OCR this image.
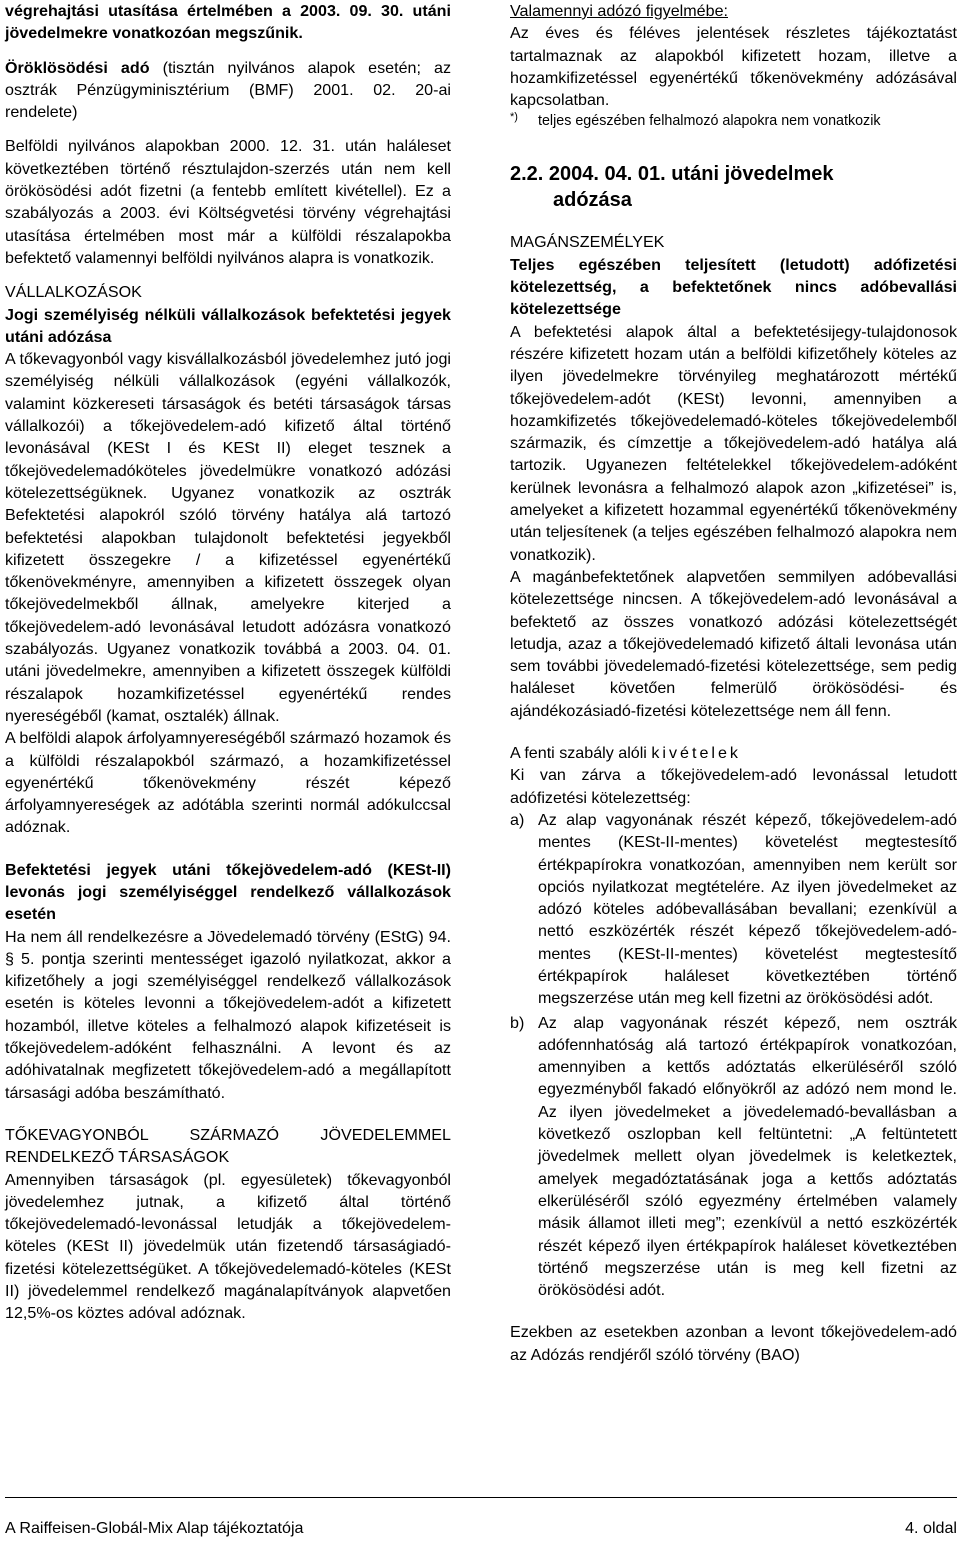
végrehajtási utasítása értelmében a 2003. 09. 30. utáni jövedelmekre vonatkozóan megszűnik.

Öröklösödési adó (tisztán nyilvános alapok esetén; az osztrák Pénzügyminisztérium (BMF) 2001. 02. 20-ai rendelete)

Belföldi nyilvános alapokban 2000. 12. 31. után haláleset következtében történő résztulajdon-szerzés után nem kell örökösödési adót fizetni (a fentebb említett kivétellel). Ez a szabályozás a 2003. évi Költségvetési törvény végrehajtási utasítása értelmében most már a külföldi részalapokba befektető valamennyi belföldi nyilvános alapra is vonatkozik.

VÁLLALKOZÁSOK

Jogi személyiség nélküli vállalkozások befektetési jegyek utáni adózása

A tőkevagyonból vagy kisvállalkozásból jövedelemhez jutó jogi személyiség nélküli vállalkozások (egyéni vállalkozók, valamint közkereseti társaságok és betéti társaságok társas vállalkozói) a tőkejövedelem-adó kifizető által történő levonásával (KESt I és KESt II) eleget tesznek a tőkejövedelemadóköteles jövedelmükre vonatkozó adózási kötelezettségüknek. Ugyanez vonatkozik az osztrák Befektetési alapokról szóló törvény hatálya alá tartozó befektetési alapokban tulajdonolt befektetési jegyekből kifizetett összegekre / a kifizetéssel egyenértékű tőkenövekményre, amennyiben a kifizetett összegek olyan tőkejövedelmekből állnak, amelyekre kiterjed a tőkejövedelem-adó levonásával letudott adózásra vonatkozó szabályozás. Ugyanez vonatkozik továbbá a 2003. 04. 01. utáni jövedelmekre, amennyiben a kifizetett összegek külföldi részalapok hozamkifizetéssel egyenértékű rendes nyereségéből (kamat, osztalék) állnak.

A belföldi alapok árfolyamnyereségéből származó hozamok és a külföldi részalapokból származó, a hozamkifizetéssel egyenértékű tőkenövekmény részét képező árfolyamnyereségek az adótábla szerinti normál adókulccsal adóznak.

Befektetési jegyek utáni tőkejövedelem-adó (KESt-II) levonás jogi személyiséggel rendelkező vállalkozások esetén

Ha nem áll rendelkezésre a Jövedelemadó törvény (EStG) 94. § 5. pontja szerinti mentességet igazoló nyilatkozat, akkor a kifizetőhely a jogi személyiséggel rendelkező vállalkozások esetén is köteles levonni a tőkejövedelem-adót a kifizetett hozamból, illetve köteles a felhalmozó alapok kifizetéseit is tőkejövedelem-adóként felhasználni. A levont és az adóhivatalnak megfizetett tőkejövedelem-adó a megállapított társasági adóba beszámítható.

TŐKEVAGYONBÓL SZÁRMAZÓ JÖVEDELEMMEL RENDELKEZŐ TÁRSASÁGOK

Amennyiben társaságok (pl. egyesületek) tőkevagyonból jövedelemhez jutnak, a kifizető által történő tőkejövedelemadó-levonással letudják a tőkejövedelem-köteles (KESt II) jövedelmük után fizetendő társaságiadó-fizetési kötelezettségüket. A tőkejövedelemadó-köteles (KESt II) jövedelemmel rendelkező magánalapítványok alapvetően 12,5%-os köztes adóval adóznak.

Valamennyi adózó figyelmébe:

Az éves és féléves jelentések részletes tájékoztatást tartalmaznak az alapokból kifizetett hozam, illetve a hozamkifizetéssel egyenértékű tőkenövekmény adózásával kapcsolatban.

*) teljes egészében felhalmozó alapokra nem vonatkozik
2.2. 2004. 04. 01. utáni jövedelmek
adózása

MAGÁNSZEMÉLYEK

Teljes egészében teljesített (letudott) adófizetési kötelezettség, a befektetőnek nincs adóbevallási kötelezettsége

A befektetési alapok által a befektetésijegy-tulajdonosok részére kifizetett hozam után a belföldi kifizetőhely köteles az ilyen jövedelmekre törvényileg meghatározott mértékű tőkejövedelem-adót (KESt) levonni, amennyiben a hozamkifizetés tőkejövedelemadó-köteles tőkejövedelemből származik, és címzettje a tőkejövedelem-adó hatálya alá tartozik. Ugyanezen feltételekkel tőkejövedelem-adóként kerülnek levonásra a felhalmozó alapok azon „kifizetései” is, amelyeket a kifizetett hozammal egyenértékű tőkenövekmény után teljesítenek (a teljes egészében felhalmozó alapokra nem vonatkozik).

A magánbefektetőnek alapvetően semmilyen adóbevallási kötelezettsége nincsen. A tőkejövedelem-adó levonásával a befektető az összes vonatkozó adózási kötelezettségét letudja, azaz a tőkejövedelemadó kifizető általi levonása után sem további jövedelemadó-fizetési kötelezettsége, sem pedig haláleset követően felmerülő örökösödési- és ajándékozásiadó-fizetési kötelezettsége nem áll fenn.

A fenti szabály alóli kivételek

Ki van zárva a tőkejövedelem-adó levonással letudott adófizetési kötelezettség:

a) Az alap vagyonának részét képező, tőkejövedelem-adó mentes (KESt-II-mentes) követelést megtestesítő értékpapírokra vonatkozóan, amennyiben nem került sor opciós nyilatkozat megtételére. Az ilyen jövedelmeket az adózó köteles adóbevallásában bevallani; ezenkívül a nettó eszközérték részét képező tőkejövedelem-adó-mentes (KESt-II-mentes) követelést megtestesítő értékpapírok haláleset következtében történő megszerzése után meg kell fizetni az örökösödési adót.
b) Az alap vagyonának részét képező, nem osztrák adófennhatóság alá tartozó értékpapírok vonatkozóan, amennyiben a kettős adóztatás elkerüléséről szóló egyezményből fakadó előnyökről az adózó nem mond le. Az ilyen jövedelmeket a jövedelemadó-bevallásban a következő oszlopban kell feltüntetni: „A feltüntetett jövedelmek mellett olyan jövedelmek is keletkeztek, amelyek megadóztatásának joga a kettős adóztatás elkerüléséről szóló egyezmény értelmében valamely másik államot illeti meg”; ezenkívül a nettó eszközérték részét képező ilyen értékpapírok haláleset következtében történő megszerzése után is meg kell fizetni az örökösödési adót.

Ezekben az esetekben azonban a levont tőkejövedelem-adó az Adózás rendjéről szóló törvény (BAO)

A Raiffeisen-Globál-Mix Alap tájékoztatója	4. oldal
